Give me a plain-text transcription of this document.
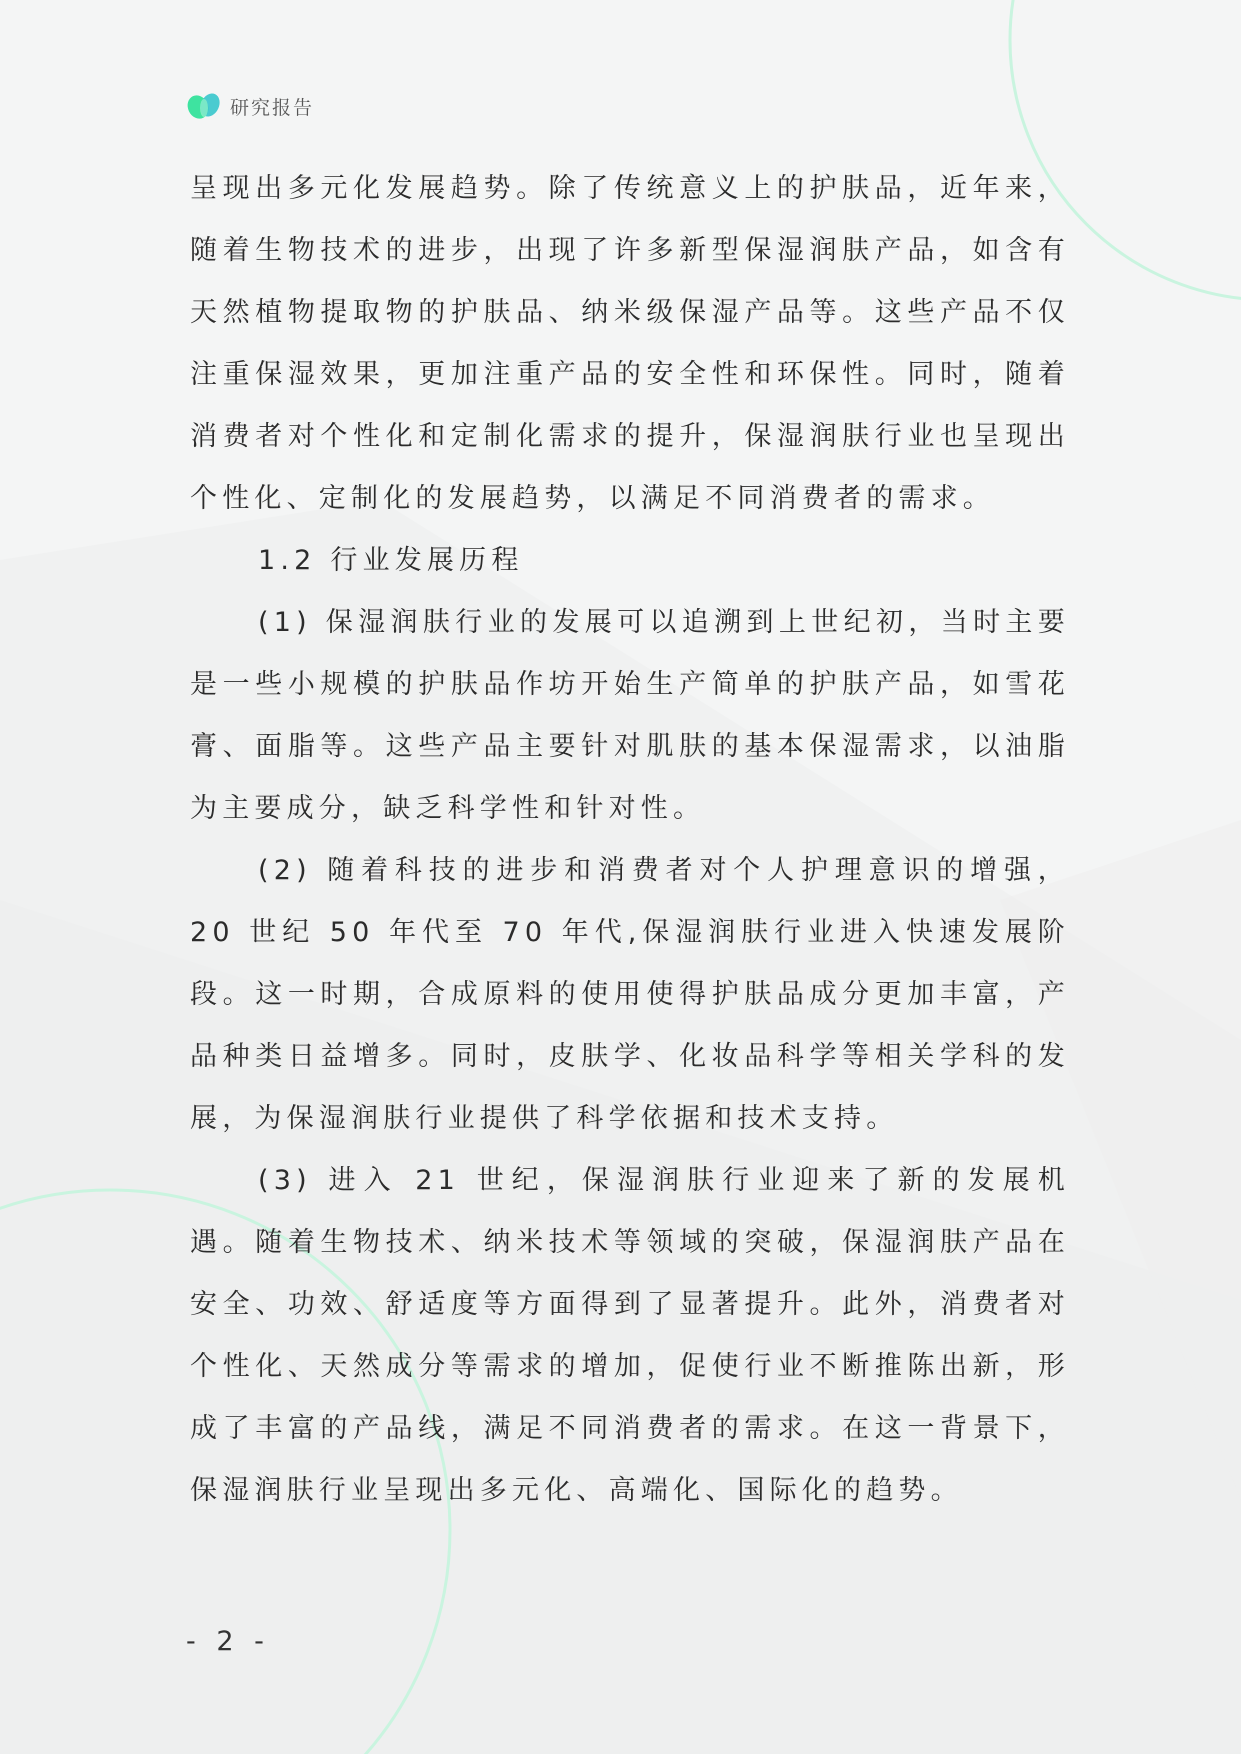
研究报告

呈现出多元化发展趋势。除了传统意义上的护肤品，近年来，随着生物技术的进步，出现了许多新型保湿润肤产品，如含有天然植物提取物的护肤品、纳米级保湿产品等。这些产品不仅注重保湿效果，更加注重产品的安全性和环保性。同时，随着消费者对个性化和定制化需求的提升，保湿润肤行业也呈现出个性化、定制化的发展趋势，以满足不同消费者的需求。

1.2 行业发展历程

(1) 保湿润肤行业的发展可以追溯到上世纪初，当时主要是一些小规模的护肤品作坊开始生产简单的护肤产品，如雪花膏、面脂等。这些产品主要针对肌肤的基本保湿需求，以油脂为主要成分，缺乏科学性和针对性。

(2) 随着科技的进步和消费者对个人护理意识的增强，20 世纪 50 年代至 70 年代,保湿润肤行业进入快速发展阶段。这一时期，合成原料的使用使得护肤品成分更加丰富，产品种类日益增多。同时，皮肤学、化妆品科学等相关学科的发展，为保湿润肤行业提供了科学依据和技术支持。

(3) 进入 21 世纪，保湿润肤行业迎来了新的发展机遇。随着生物技术、纳米技术等领域的突破，保湿润肤产品在安全、功效、舒适度等方面得到了显著提升。此外，消费者对个性化、天然成分等需求的增加，促使行业不断推陈出新，形成了丰富的产品线，满足不同消费者的需求。在这一背景下，保湿润肤行业呈现出多元化、高端化、国际化的趋势。

- 2 -
